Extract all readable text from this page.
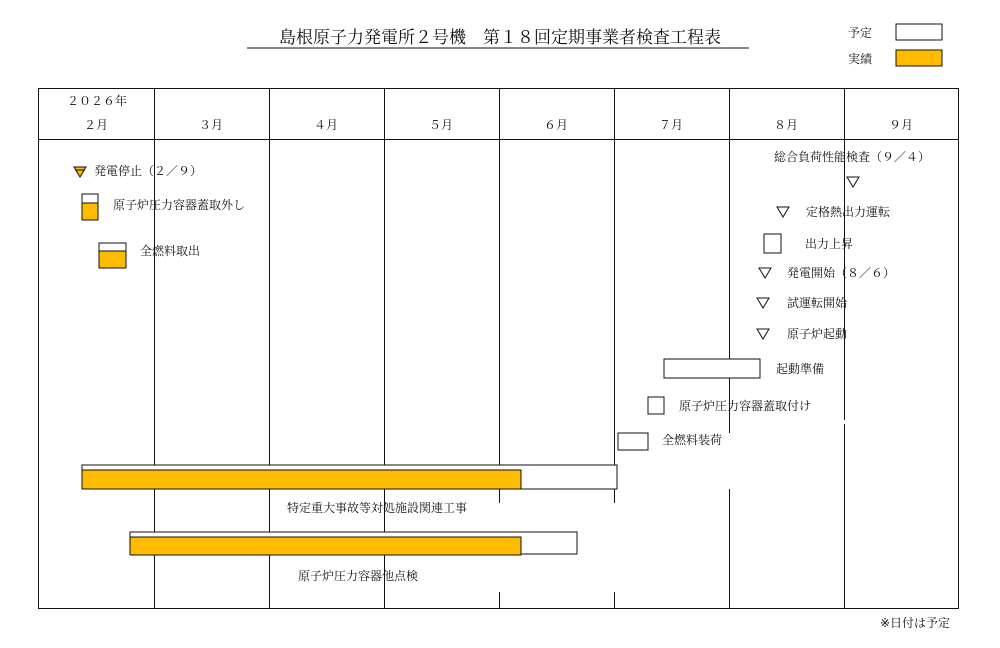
島根原子力発電所２号機　第１８回定期事業者検査工程表	予定
実績
２月	３月	４月	５月	６月	７月	８月	９月
２０２６年
発電停止（２／９）
総合負荷性能検査（９／４）
定格熱出力運転
発電開始（８／６）
試運転開始
原子炉起動
原子炉圧力容器蓋取外し
全燃料取出	出力上昇
起動準備
原子炉圧力容器蓋取付け
全燃料装荷
特定重大事故等対処施設関連工事
原子炉圧力容器他点検
※日付は予定
